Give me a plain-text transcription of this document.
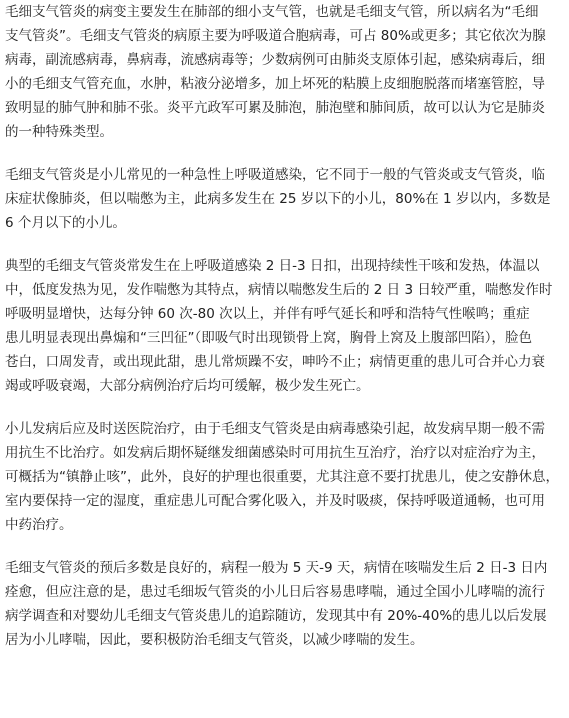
毛细支气管炎的病变主要发生在肺部的细小支气管，也就是毛细支气管，所以病名为“毛细
支气管炎”。毛细支气管炎的病原主要为呼吸道合胞病毒，可占 80%或更多；其它依次为腺
病毒，副流感病毒，鼻病毒，流感病毒等；少数病例可由肺炎支原体引起，感染病毒后，细
小的毛细支气管充血，水肿，粘液分泌增多，加上坏死的粘膜上皮细胞脱落而堵塞管腔，导
致明显的肺气肿和肺不张。炎平亢政军可累及肺泡，肺泡壁和肺间质，故可以认为它是肺炎
的一种特殊类型。
毛细支气管炎是小儿常见的一种急性上呼吸道感染，它不同于一般的气管炎或支气管炎，临
床症状像肺炎，但以喘憋为主，此病多发生在 25 岁以下的小儿，80%在 1 岁以内，多数是
6 个月以下的小儿。
典型的毛细支气管炎常发生在上呼吸道感染 2 日-3 日扣，出现持续性干咳和发热，体温以
中，低度发热为见，发作喘憋为其特点，病情以喘憋发生后的 2 日 3 日较严重，喘憋发作时
呼吸明显增快，达每分钟 60 次-80 次以上，并伴有呼气延长和呼和浩特气性喉鸣；重症
患儿明显表现出鼻煽和“三凹征”（即吸气时出现锁骨上窝，胸骨上窝及上腹部凹陷），脸色
苍白，口周发青，或出现此甜，患儿常烦躁不安，呻吟不止；病情更重的患儿可合并心力衰
竭或呼吸衰竭，大部分病例治疗后均可缓解，极少发生死亡。
小儿发病后应及时送医院治疗，由于毛细支气管炎是由病毒感染引起，故发病早期一般不需
用抗生不比治疗。如发病后期怀疑继发细菌感染时可用抗生互治疗，治疗以对症治疗为主，
可概括为“镇静止咳”，此外，良好的护理也很重要，尤其注意不要打扰患儿，使之安静休息，
室内要保持一定的湿度，重症患儿可配合雾化吸入，并及时吸痰，保持呼吸道通畅，也可用
中药治疗。
毛细支气管炎的预后多数是良好的，病程一般为 5 天-9 天，病情在咳喘发生后 2 日-3 日内
痊愈，但应注意的是，患过毛细坂气管炎的小儿日后容易患哮喘，通过全国小儿哮喘的流行
病学调查和对婴幼儿毛细支气管炎患儿的追踪随访，发现其中有 20%-40%的患儿以后发展
居为小儿哮喘，因此，要积极防治毛细支气管炎，以减少哮喘的发生。
